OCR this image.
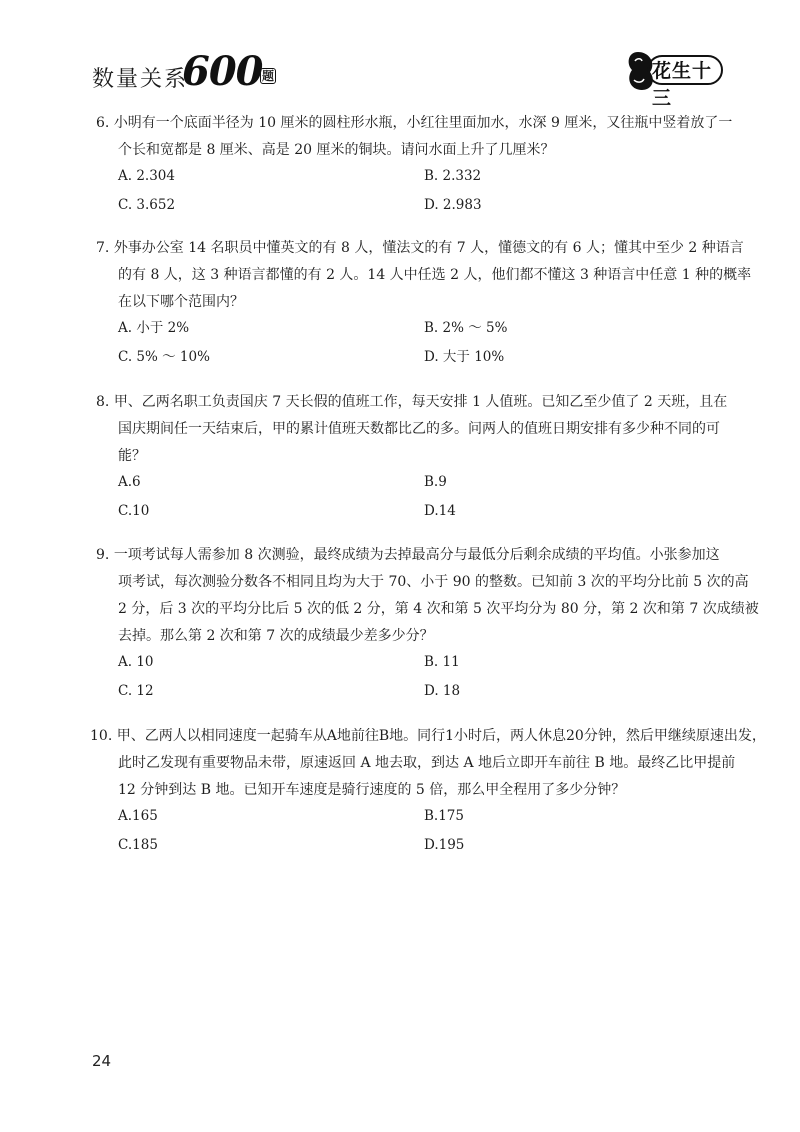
数量关系
600 题	花生十三

6. 小明有一个底面半径为 10 厘米的圆柱形水瓶，小红往里面加水，水深 9 厘米，又往瓶中竖着放了一
个长和宽都是 8 厘米、高是 20 厘米的铜块。请问水面上升了几厘米？

A. 2.304	B. 2.332
C. 3.652	D. 2.983

7. 外事办公室 14 名职员中懂英文的有 8 人，懂法文的有 7 人，懂德文的有 6 人；懂其中至少 2 种语言
的有 8 人，这 3 种语言都懂的有 2 人。14 人中任选 2 人，他们都不懂这 3 种语言中任意 1 种的概率
在以下哪个范围内？

A. 小于 2%	B. 2% ～ 5%
C. 5% ～ 10%	D. 大于 10%

8. 甲、乙两名职工负责国庆 7 天长假的值班工作，每天安排 1 人值班。已知乙至少值了 2 天班，且在
国庆期间任一天结束后，甲的累计值班天数都比乙的多。问两人的值班日期安排有多少种不同的可
能？

A.6	B.9
C.10	D.14

9. 一项考试每人需参加 8 次测验，最终成绩为去掉最高分与最低分后剩余成绩的平均值。小张参加这
项考试，每次测验分数各不相同且均为大于 70、小于 90 的整数。已知前 3 次的平均分比前 5 次的高
2 分，后 3 次的平均分比后 5 次的低 2 分，第 4 次和第 5 次平均分为 80 分，第 2 次和第 7 次成绩被
去掉。那么第 2 次和第 7 次的成绩最少差多少分？

A. 10	B. 11
C. 12	D. 18

10. 甲、乙两人以相同速度一起骑车从A地前往B地。同行1小时后，两人休息20分钟，然后甲继续原速出发，
此时乙发现有重要物品未带，原速返回 A 地去取，到达 A 地后立即开车前往 B 地。最终乙比甲提前
12 分钟到达 B 地。已知开车速度是骑行速度的 5 倍，那么甲全程用了多少分钟？

A.165	B.175
C.185	D.195
24
